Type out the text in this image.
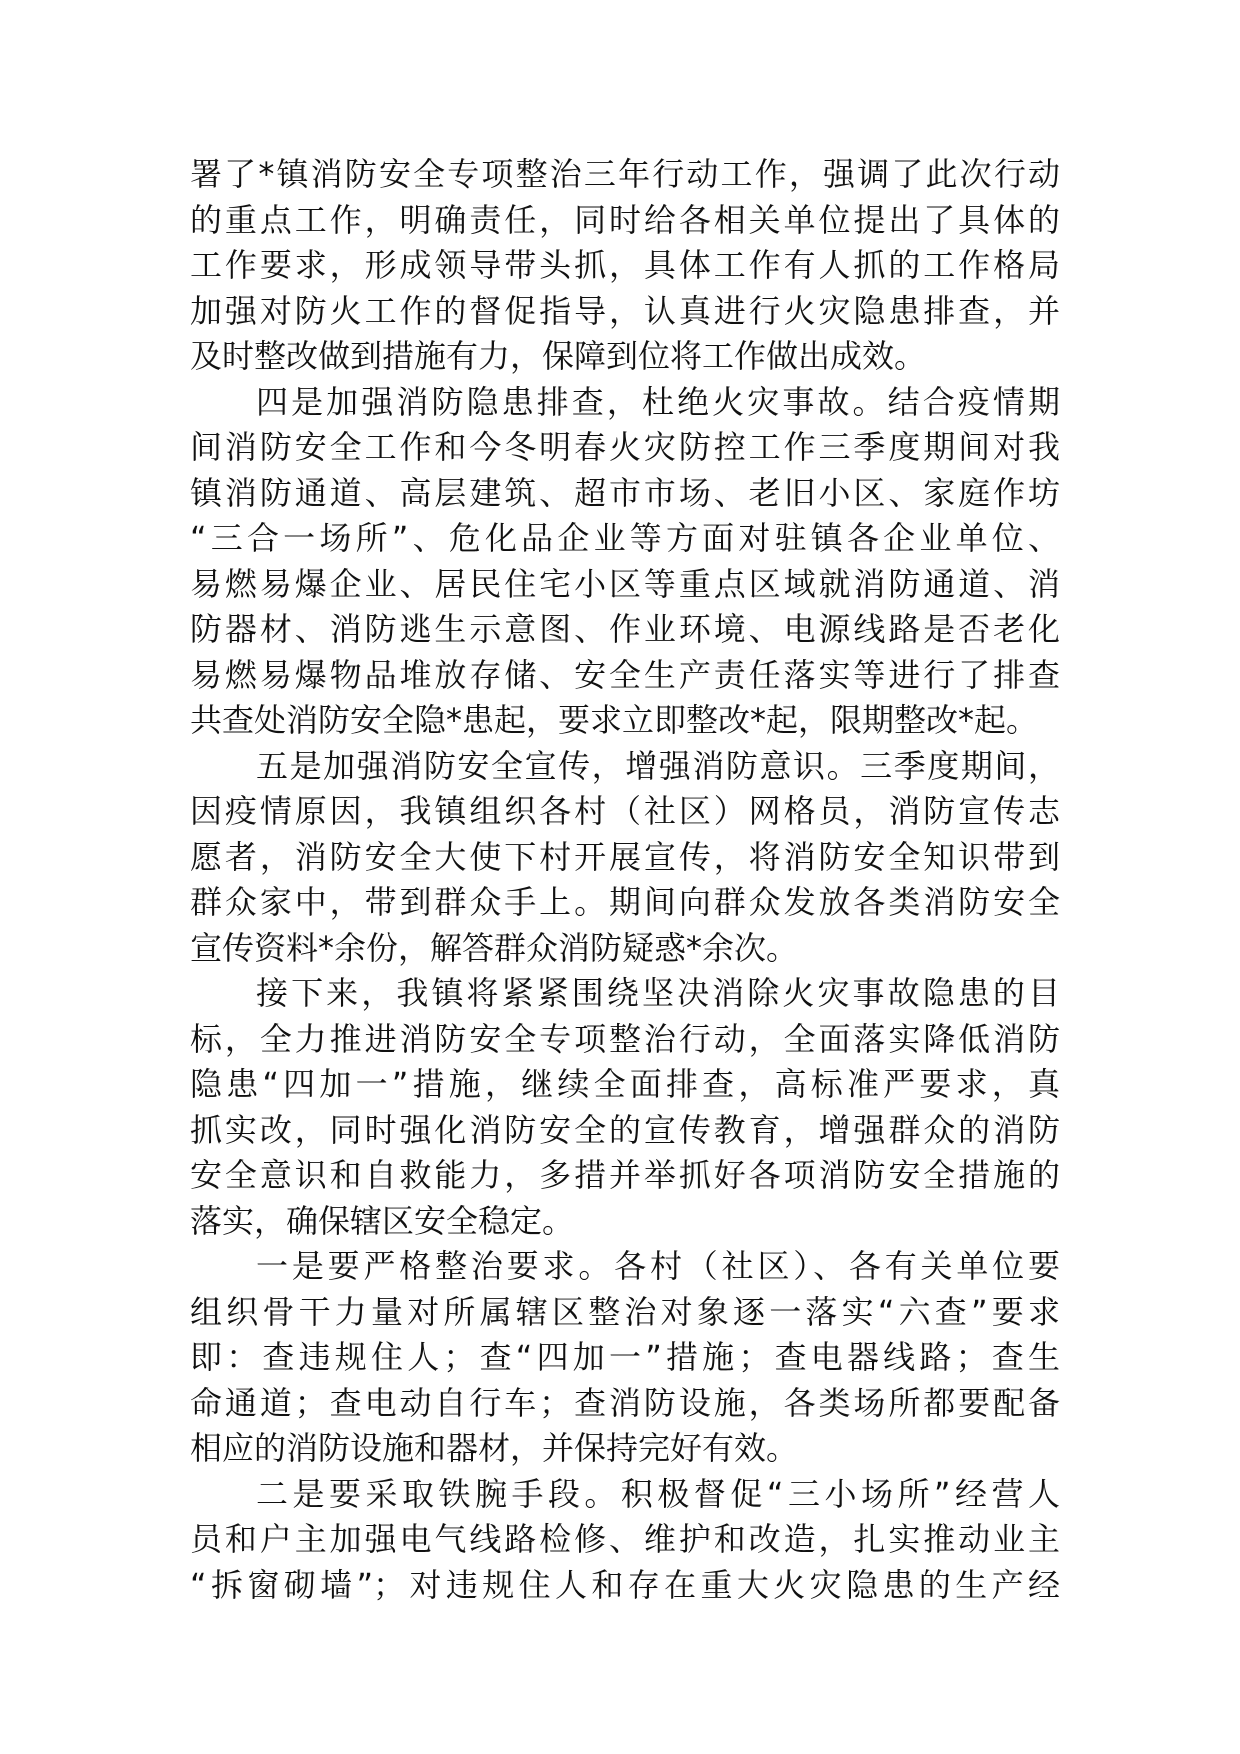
署了*镇消防安全专项整治三年行动工作，强调了此次行动
的重点工作，明确责任，同时给各相关单位提出了具体的
工作要求，形成领导带头抓，具体工作有人抓的工作格局
加强对防火工作的督促指导，认真进行火灾隐患排查，并
及时整改做到措施有力，保障到位将工作做出成效。
四是加强消防隐患排查，杜绝火灾事故。结合疫情期
间消防安全工作和今冬明春火灾防控工作三季度期间对我
镇消防通道、高层建筑、超市市场、老旧小区、家庭作坊
“三合一场所”、危化品企业等方面对驻镇各企业单位、
易燃易爆企业、居民住宅小区等重点区域就消防通道、消
防器材、消防逃生示意图、作业环境、电源线路是否老化
易燃易爆物品堆放存储、安全生产责任落实等进行了排查
共查处消防安全隐*患起，要求立即整改*起，限期整改*起。
五是加强消防安全宣传，增强消防意识。三季度期间，
因疫情原因，我镇组织各村（社区）网格员，消防宣传志
愿者，消防安全大使下村开展宣传，将消防安全知识带到
群众家中，带到群众手上。期间向群众发放各类消防安全
宣传资料*余份，解答群众消防疑惑*余次。
接下来，我镇将紧紧围绕坚决消除火灾事故隐患的目
标，全力推进消防安全专项整治行动，全面落实降低消防
隐患“四加一”措施，继续全面排查，高标准严要求，真
抓实改，同时强化消防安全的宣传教育，增强群众的消防
安全意识和自救能力，多措并举抓好各项消防安全措施的
落实，确保辖区安全稳定。
一是要严格整治要求。各村（社区）、各有关单位要
组织骨干力量对所属辖区整治对象逐一落实“六查”要求
即：查违规住人；查“四加一”措施；查电器线路；查生
命通道；查电动自行车；查消防设施，各类场所都要配备
相应的消防设施和器材，并保持完好有效。
二是要采取铁腕手段。积极督促“三小场所”经营人
员和户主加强电气线路检修、维护和改造，扎实推动业主
“拆窗砌墙”；对违规住人和存在重大火灾隐患的生产经
